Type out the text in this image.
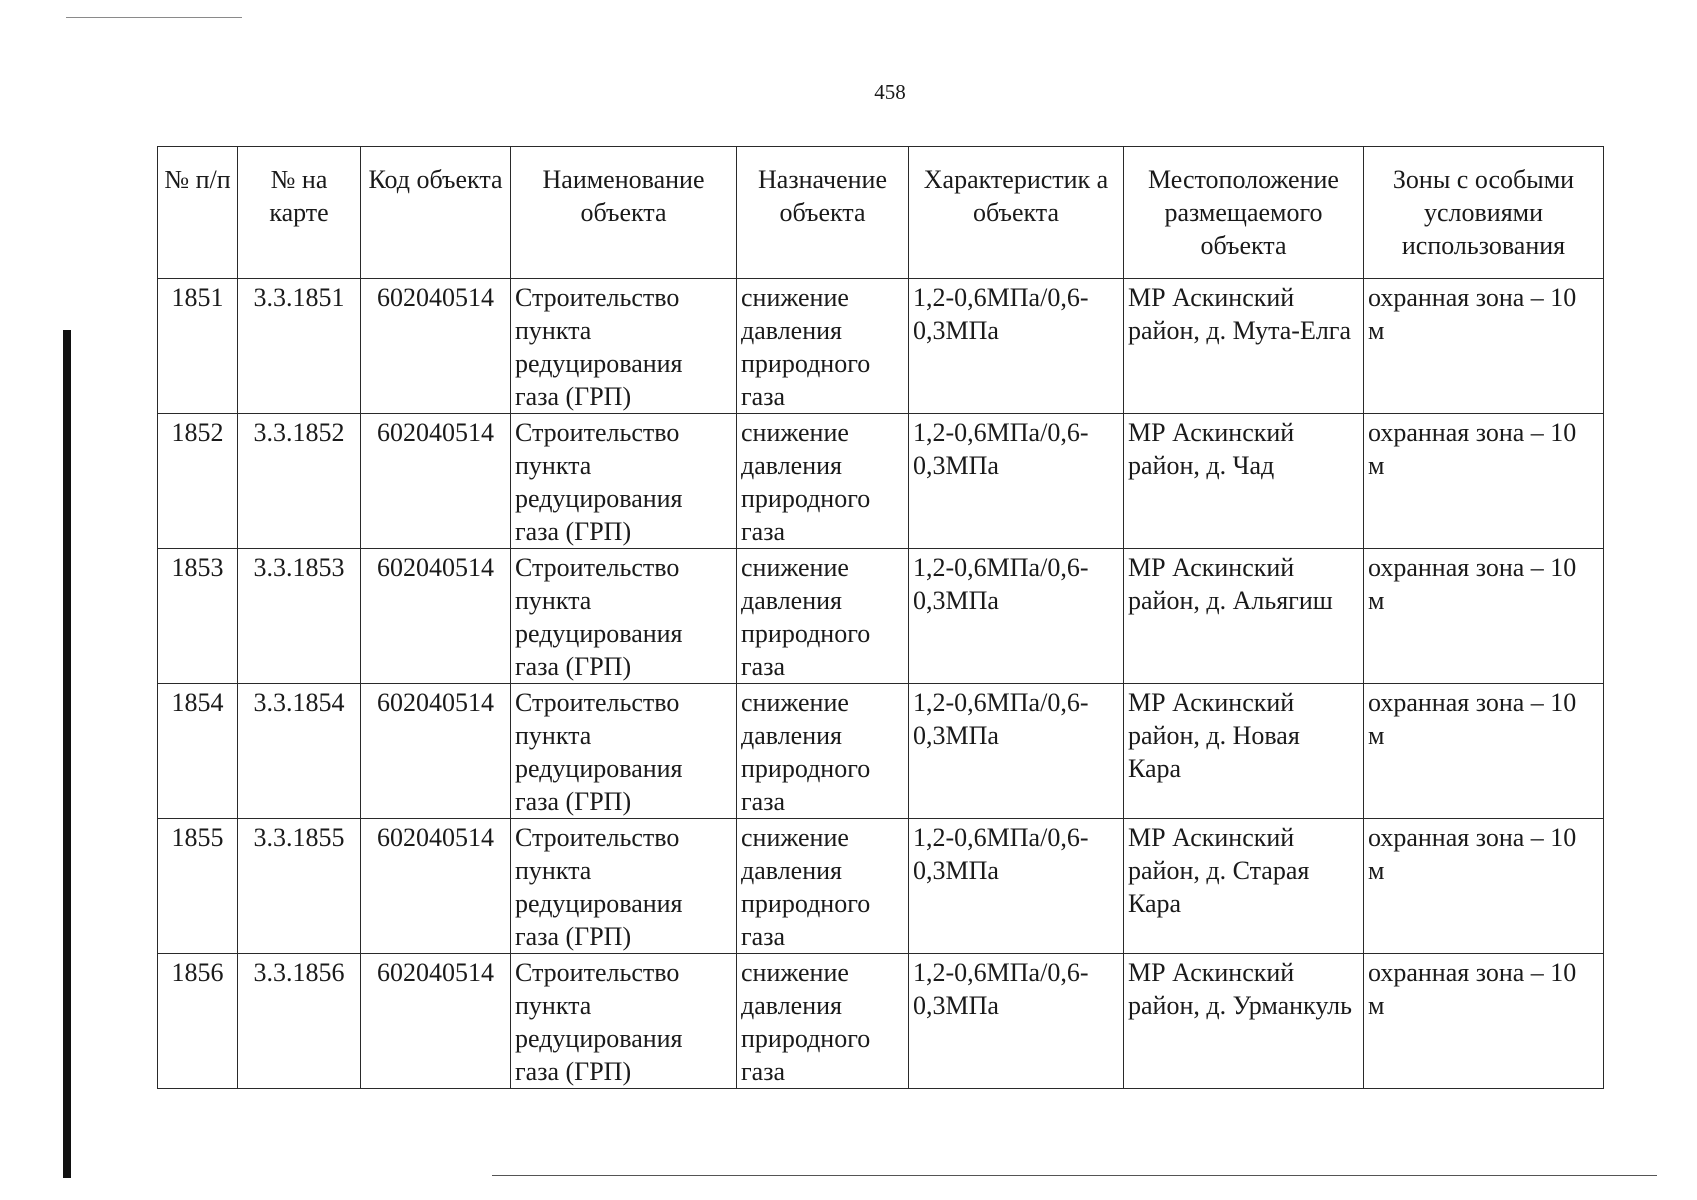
458
№ п/п	№ на карте	Код объекта	Наименование объекта	Назначение объекта	Характеристик а объекта	Местоположение размещаемого объекта	Зоны с особыми условиями использования
1851	3.3.1851	602040514	Строительство пункта редуцирования газа (ГРП)	снижение давления природного газа	1,2-0,6МПа/0,6-0,3МПа	МР Аскинский район, д. Мута-Елга	охранная зона – 10 м
1852	3.3.1852	602040514	Строительство пункта редуцирования газа (ГРП)	снижение давления природного газа	1,2-0,6МПа/0,6-0,3МПа	МР Аскинский район, д. Чад	охранная зона – 10 м
1853	3.3.1853	602040514	Строительство пункта редуцирования газа (ГРП)	снижение давления природного газа	1,2-0,6МПа/0,6-0,3МПа	МР Аскинский район, д. Альягиш	охранная зона – 10 м
1854	3.3.1854	602040514	Строительство пункта редуцирования газа (ГРП)	снижение давления природного газа	1,2-0,6МПа/0,6-0,3МПа	МР Аскинский район, д. Новая Кара	охранная зона – 10 м
1855	3.3.1855	602040514	Строительство пункта редуцирования газа (ГРП)	снижение давления природного газа	1,2-0,6МПа/0,6-0,3МПа	МР Аскинский район, д. Старая Кара	охранная зона – 10 м
1856	3.3.1856	602040514	Строительство пункта редуцирования газа (ГРП)	снижение давления природного газа	1,2-0,6МПа/0,6-0,3МПа	МР Аскинский район, д. Урманкуль	охранная зона – 10 м
